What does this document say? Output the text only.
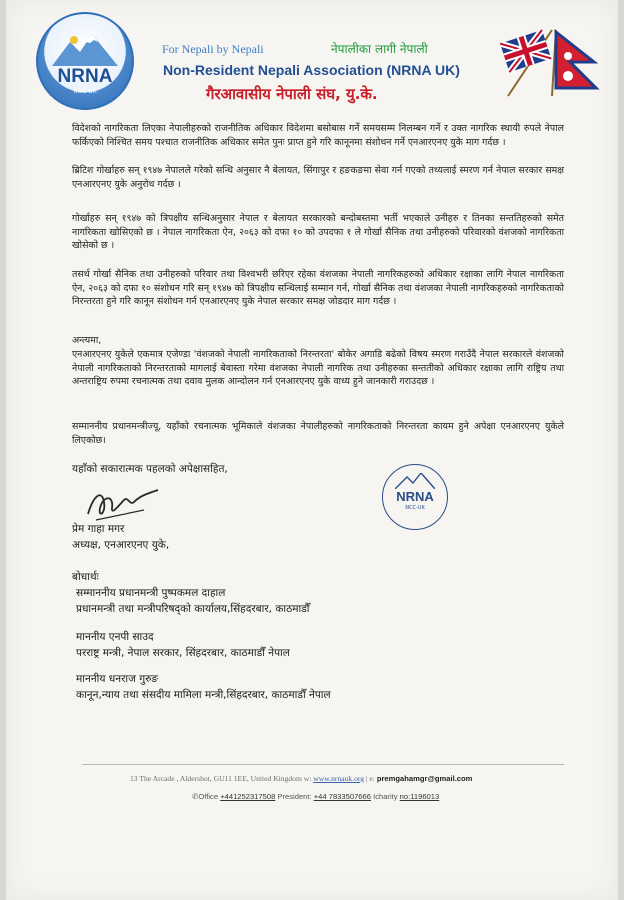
NRNA
NCC-UK
For Nepali by Nepali	नेपालीका लागी नेपाली
Non-Resident Nepali Association (NRNA UK)
गैरआवासीय नेपाली संघ, यु.के.
विदेशको नागरिकता लिएका नेपालीहरुको राजनीतिक अधिकार विदेशमा बसोबास गर्ने समयसम्म निलम्बन गर्ने र उक्त नागरिक स्थायी रुपले नेपाल फर्किएको निश्चित समय पश्चात राजनीतिक अधिकार समेत पुनः प्राप्त हुने गरि कानूनमा संशोधन गर्ने एनआरएनए युके माग गर्दछ ।
ब्रिटिश गोर्खाहरु सन् १९४७ नेपालले गरेको सन्धि अनुसार नै बेलायत, सिंगापुर र हङकङमा सेवा गर्न गएको तथ्यलाई स्मरण गर्न नेपाल सरकार समक्ष एनआरएनए युके अनुरोध गर्दछ ।
गोर्खाहरु सन् १९४७ को त्रिपक्षीय सन्धिअनुसार नेपाल र बेलायत सरकारको बन्दोबस्तमा भर्ती भएकाले उनीहरु र तिनका सन्ततिहरुको समेत नागरिकता खोसिएको छ । नेपाल नागरिकता ऐन, २०६३ को दफा १० को उपदफा १ ले गोर्खा सैनिक तथा उनीहरुको परिवारको वंशजको नागरिकता खोसेको छ ।
तसर्थ गोर्खा सैनिक तथा उनीहरुको परिवार तथा विश्वभरी छरिएर रहेका वंशजका नेपाली नागरिकहरुको अधिकार रक्षाका लागि नेपाल नागरिकता ऐन, २०६३ को दफा १० संशोधन गरि सन् १९४७ को त्रिपक्षीय सन्धिलाई सम्मान गर्न, गोर्खा सैनिक तथा वंशजका नेपाली नागरिकहरुको नागरिकताको निरन्तरता हुने गरि कानून संशोधन गर्न एनआरएनए युके नेपाल सरकार समक्ष जोडदार माग गर्दछ ।
अन्त्यमा,
एनआरएनए युकेले एकमात्र एजेण्डा 'वंशजको नेपाली नागरिकताको निरन्तरता' बोकेर अगाडि बढेको विषय स्मरण गराउँदै नेपाल सरकारले वंशजको नेपाली नागरिकताको निरन्तरताको मागलाई बेवास्ता गरेमा वंशजका नेपाली नागरिक तथा उनीहरुका सन्ततीको अधिकार रक्षाका लागि राष्ट्रिय तथा अन्तराष्ट्रिय रुपमा रचनात्मक तथा दवाव मुलक आन्दोलन गर्न एनआरएनए युके वाध्य हुने जानकारी गराउदछ ।
सम्माननीय प्रधानमन्त्रीज्यू, यहाँको रचनात्मक भूमिकाले वंशजका नेपालीहरुको नागरिकताको निरन्तरता कायम हुने अपेक्षा एनआरएनए युकेले लिएकोछ।
यहाँको सकारात्मक पहलको अपेक्षासहित,
प्रेम गाहा मगर
अध्यक्ष, एनआरएनए युके,
NRNA
NCC-UK
बोधार्थः
सम्माननीय प्रधानमन्त्री पुष्पकमल दाहाल
प्रधानमन्त्री तथा मन्त्रीपरिषद्को कार्यालय,सिंहदरबार, काठमाडौँ
माननीय एनपी साउद
परराष्ट्र मन्त्री, नेपाल सरकार, सिंहदरबार, काठमाडौँ नेपाल
माननीय धनराज गुरुङ
कानून,न्याय तथा संसदीय मामिला मन्त्री,सिंहदरबार, काठमाडौँ नेपाल
13 The Arcade , Aldershot, GU11 1EE, United Kingdom w: www.nrnauk.org | e: premgahamgr@gmail.com
✆Office +441252317508 President: +44 7833507666 Icharity no:1196013
